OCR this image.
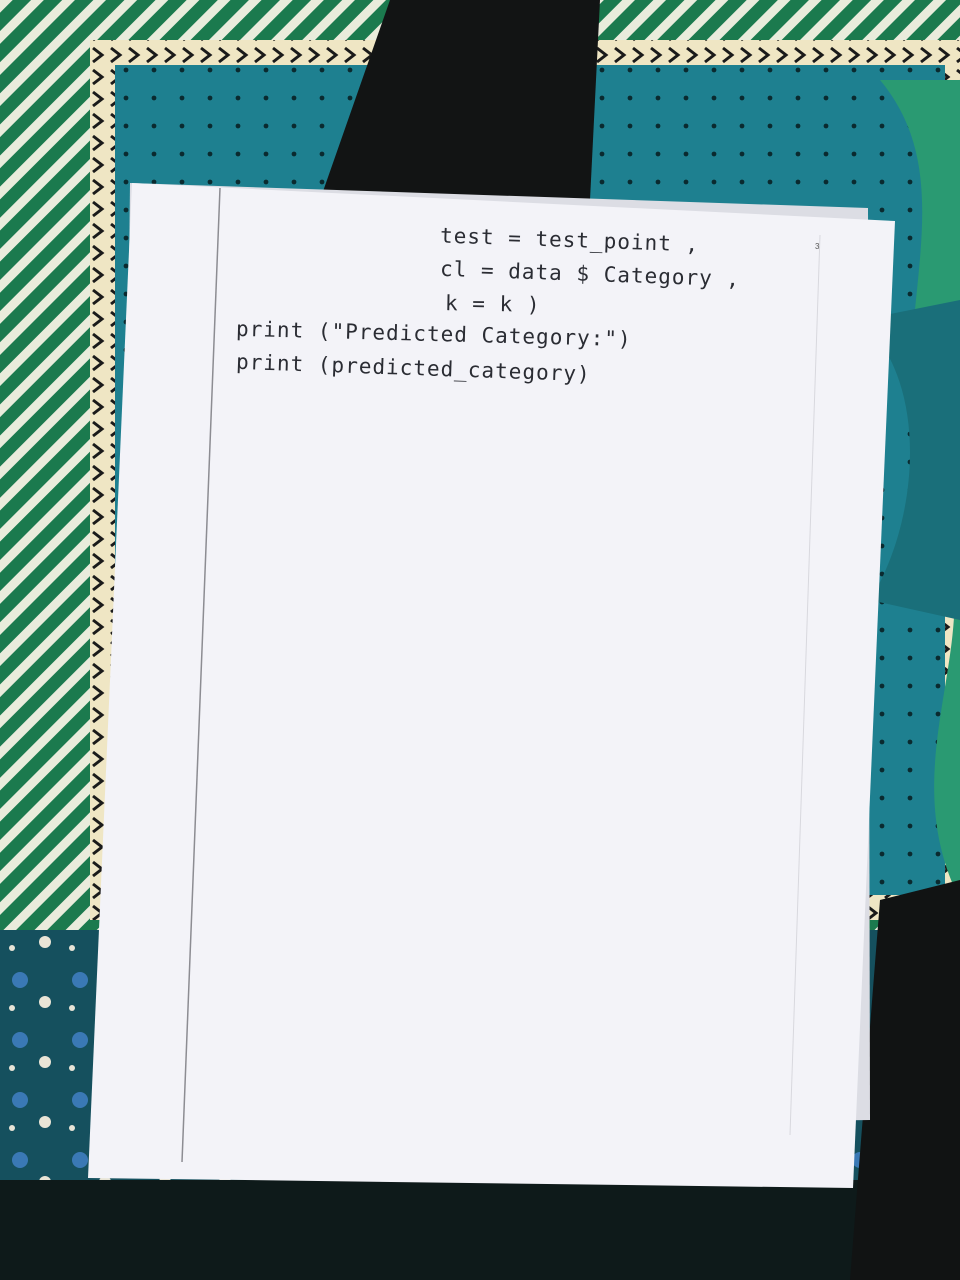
3
test = test_point ,
cl = data $ Category ,
k = k )
print ("Predicted Category:")
print (predicted_category)
